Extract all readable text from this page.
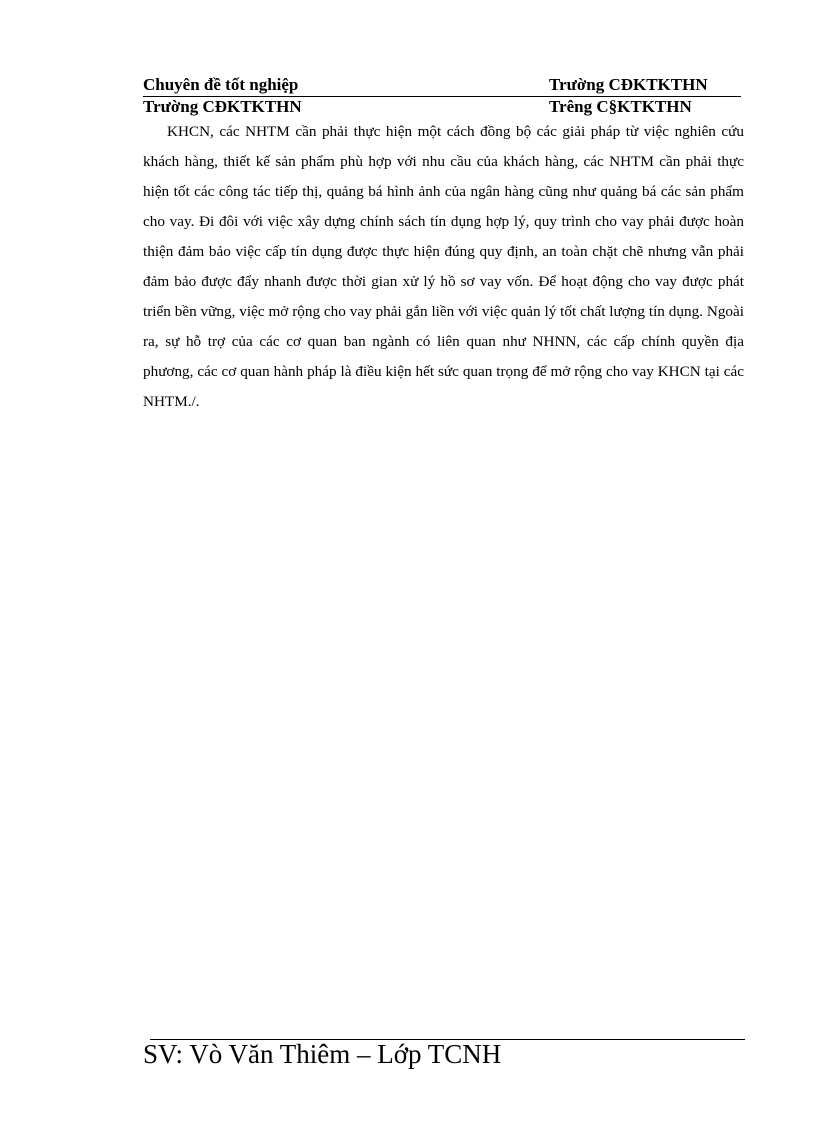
Chuyên đề tốt nghiệp	Trường CĐKTKTHN
Trường CĐKTKTHN	Trêng C§KTKTHN

KHCN, các NHTM cần phải thực hiện một cách đồng bộ các giải pháp từ việc nghiên cứu khách hàng, thiết kế sản phẩm phù hợp với nhu cầu của khách hàng, các NHTM cần phải thực hiện tốt các công tác tiếp thị, quảng bá hình ảnh của ngân hàng cũng như quảng bá các sản phẩm cho vay. Đi đôi với việc xây dựng chính sách tín dụng hợp lý, quy trình cho vay phải được hoàn thiện đảm bảo việc cấp tín dụng được thực hiện đúng quy định, an toàn chặt chẽ nhưng vẫn phải đảm bảo được đẩy nhanh được thời gian xử lý hồ sơ vay vốn. Để hoạt động cho vay được phát triển bền vững, việc mở rộng cho vay phải gắn liền với việc quản lý tốt chất lượng tín dụng. Ngoài ra, sự hỗ trợ của các cơ quan ban ngành có liên quan như NHNN, các cấp chính quyền địa phương, các cơ quan hành pháp là điều kiện hết sức quan trọng để mở rộng cho vay KHCN tại các NHTM./.

SV: Vò Văn Thiêm – Lớp TCNH
